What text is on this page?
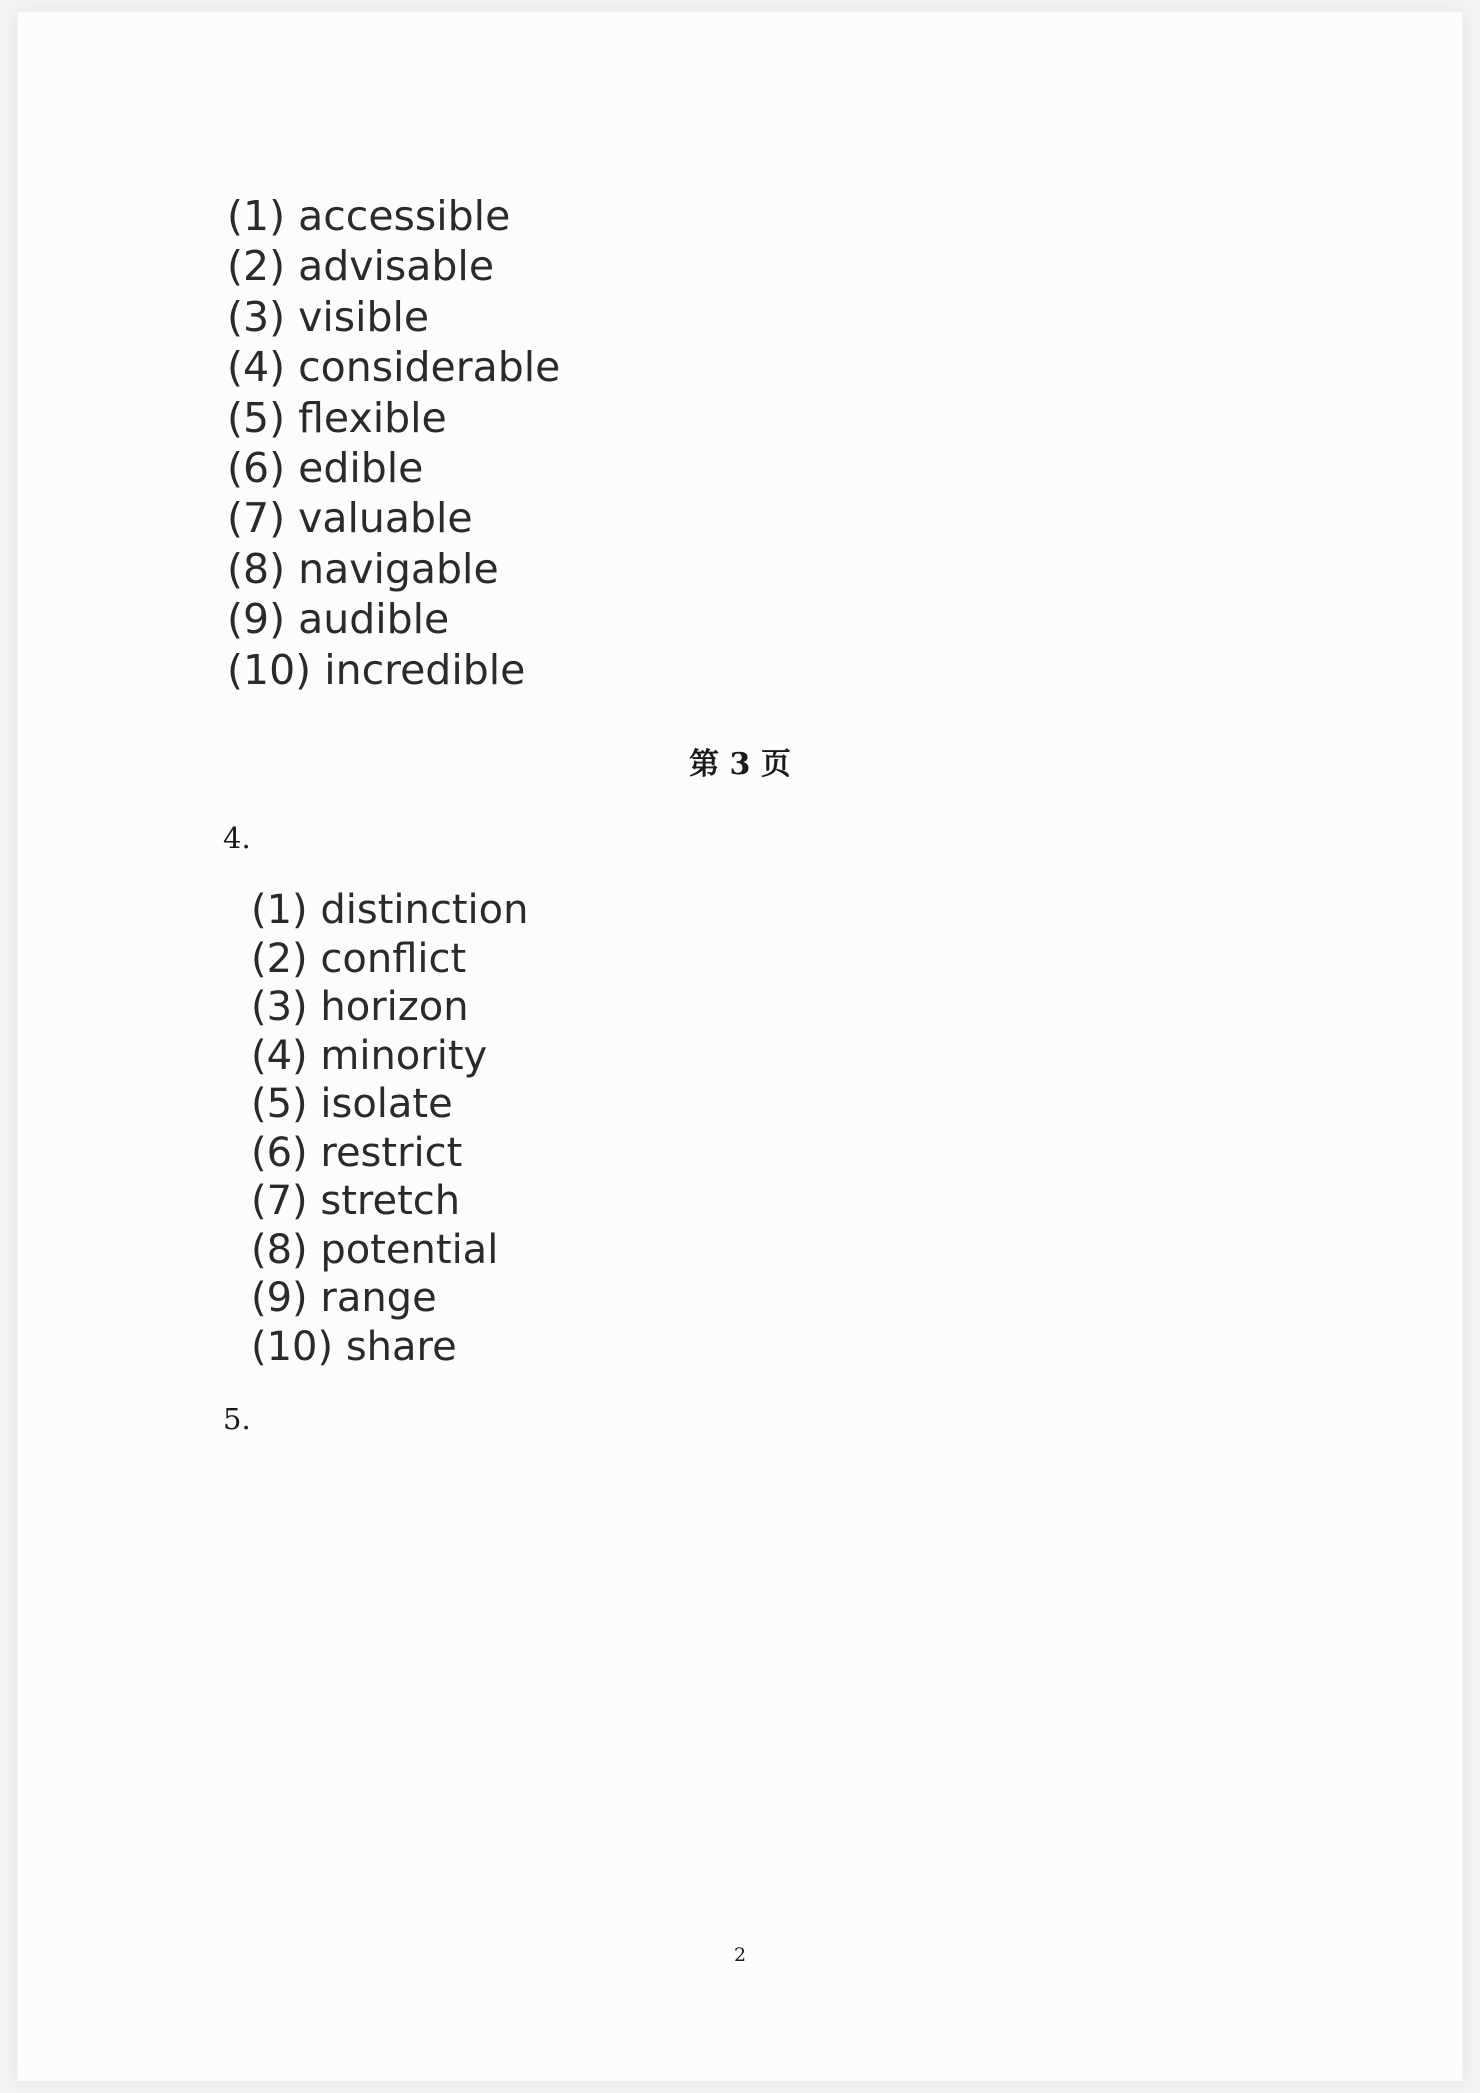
(1) accessible
(2) advisable
(3) visible
(4) considerable
(5) flexible
(6) edible
(7) valuable
(8) navigable
(9) audible
(10) incredible
第 3 页
4.
(1) distinction
(2) conflict
(3) horizon
(4) minority
(5) isolate
(6) restrict
(7) stretch
(8) potential
(9) range
(10) share
5.
2
